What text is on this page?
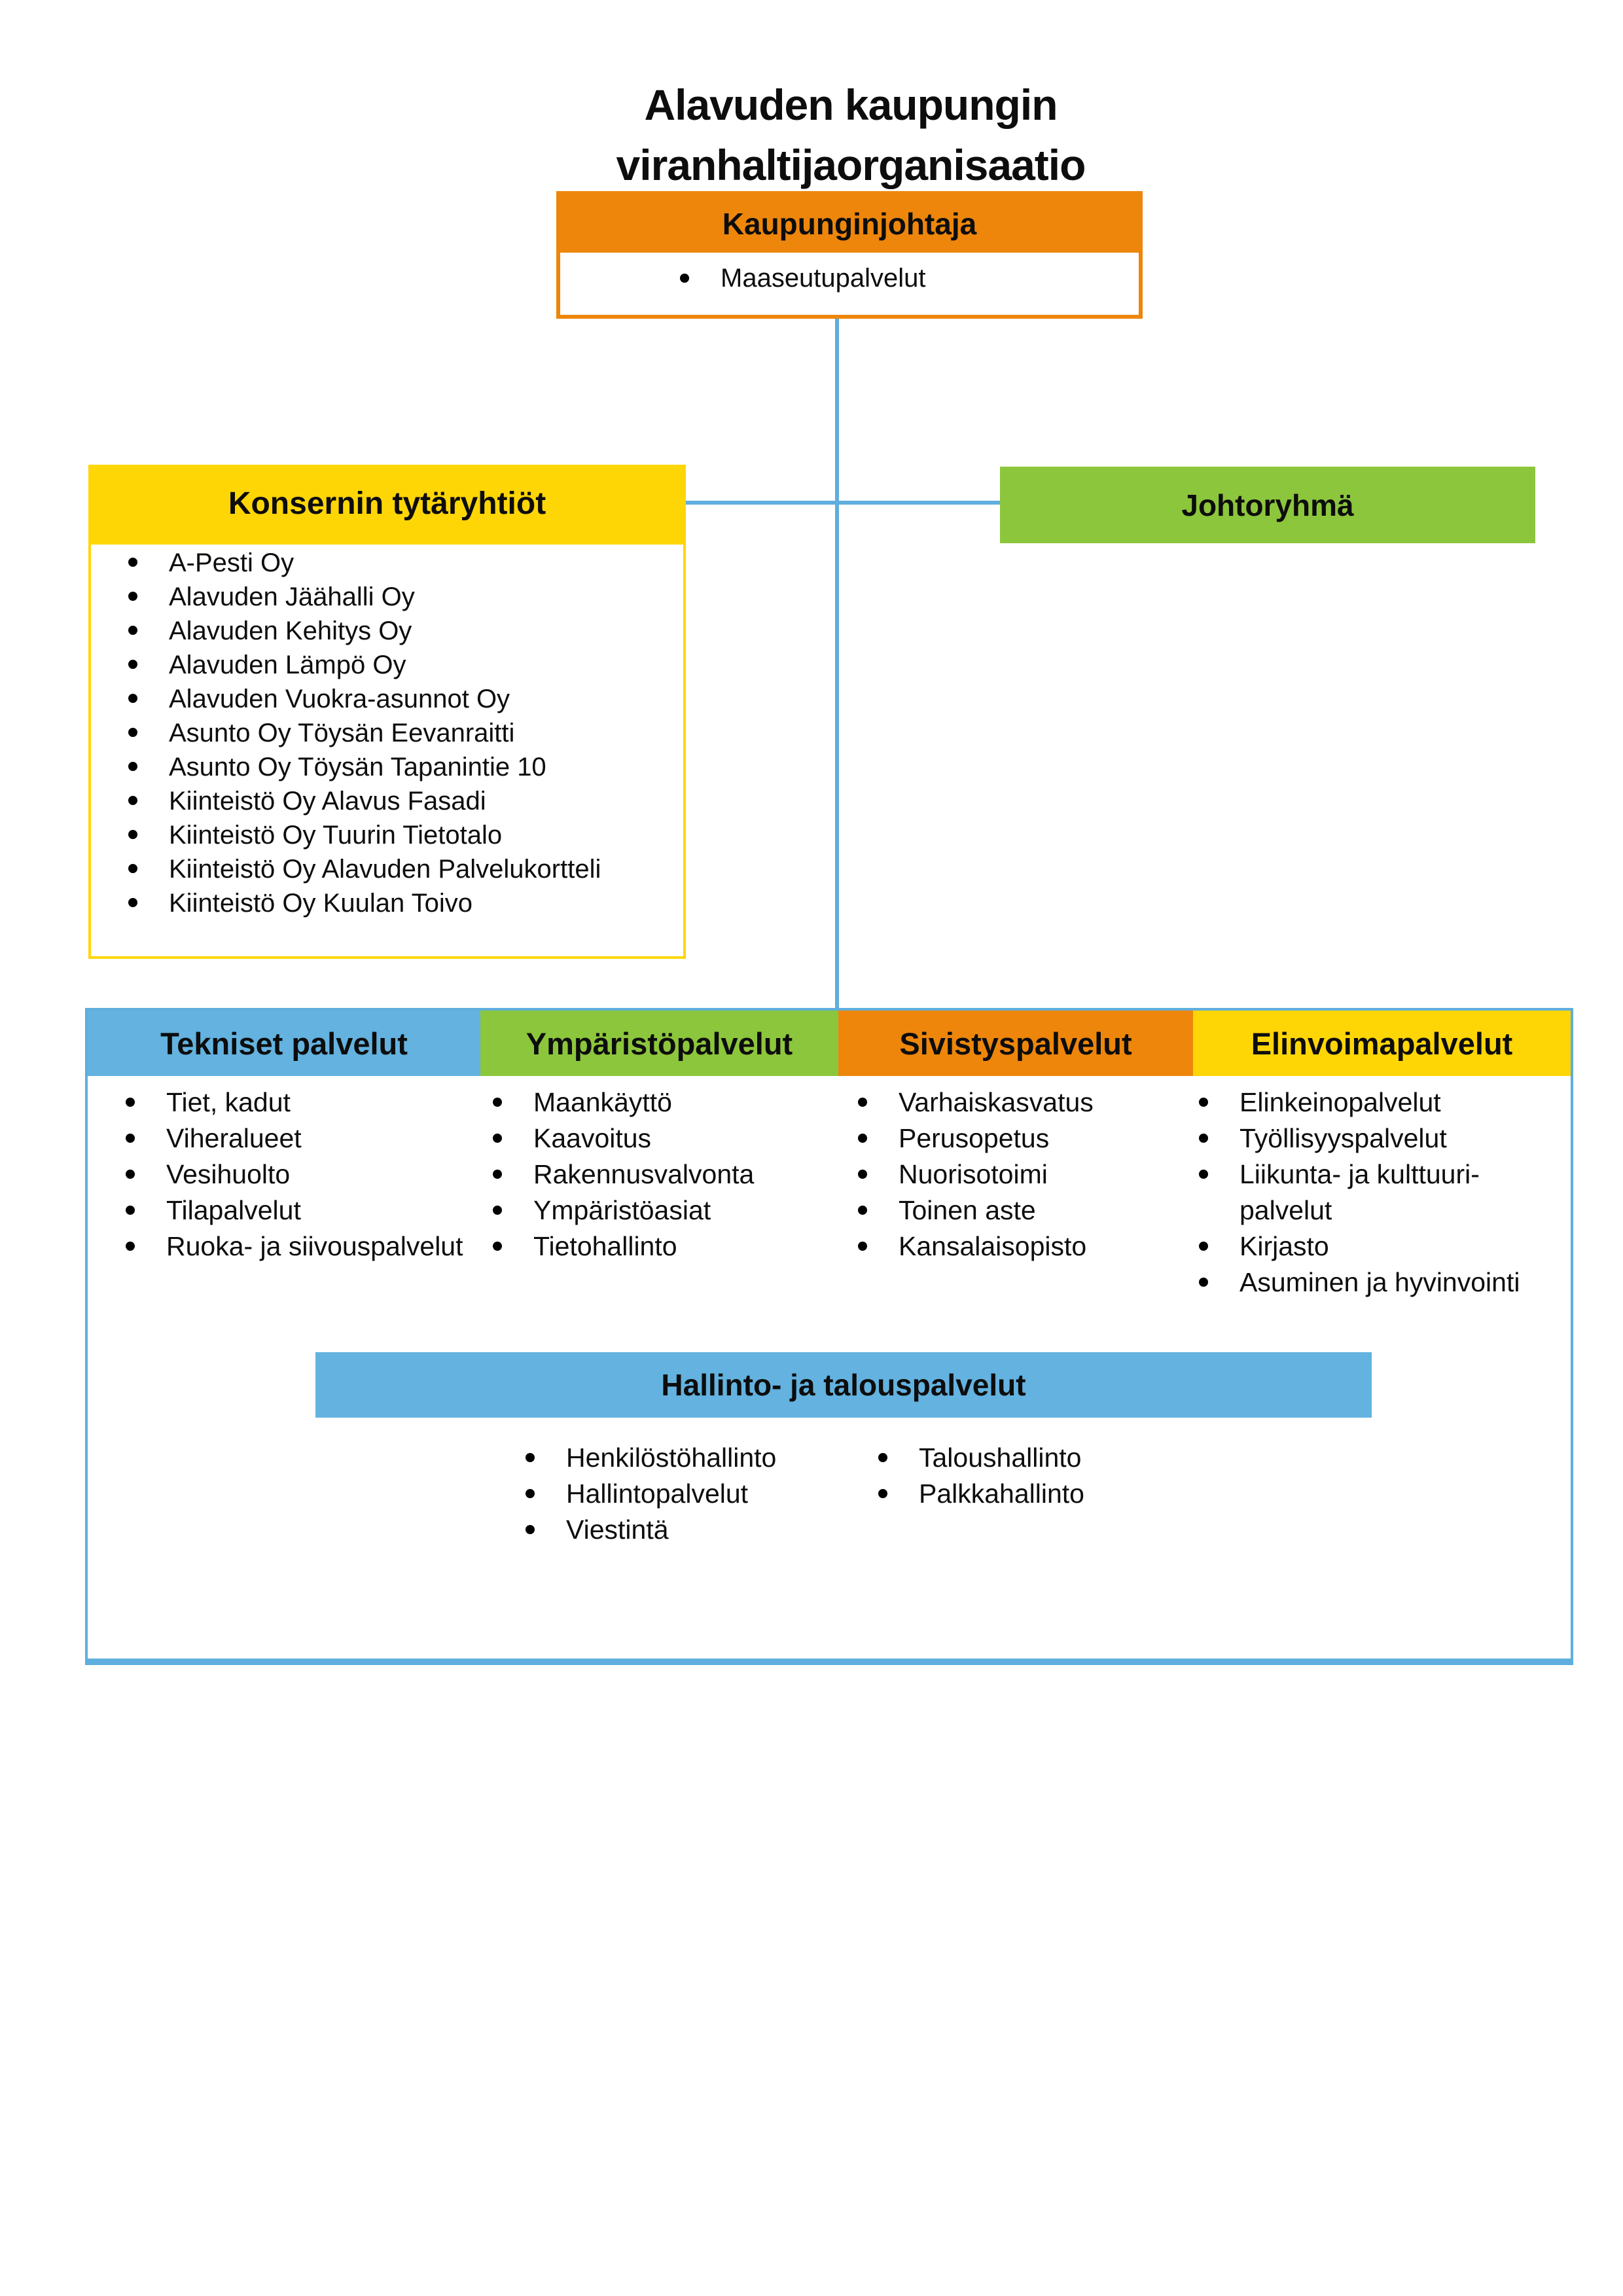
Alavuden kaupungin
viranhaltijaorganisaatio
Kaupunginjohtaja
Maaseutupalvelut
Konsernin tytäryhtiöt
A-Pesti Oy
Alavuden Jäähalli Oy
Alavuden Kehitys Oy
Alavuden Lämpö Oy
Alavuden Vuokra-asunnot Oy
Asunto Oy Töysän Eevanraitti
Asunto Oy Töysän Tapanintie 10
Kiinteistö Oy Alavus Fasadi
Kiinteistö Oy Tuurin Tietotalo
Kiinteistö Oy Alavuden Palvelukortteli
Kiinteistö Oy Kuulan Toivo
Johtoryhmä
Tekniset palvelut	Ympäristöpalvelut	Sivistyspalvelut	Elinvoimapalvelut
Hallinto- ja talouspalvelut
Henkilöstöhallinto
Hallintopalvelut
Viestintä
Taloushallinto
Palkkahallinto
Tiet, kadut
Viheralueet
Vesihuolto
Tilapalvelut
Ruoka- ja siivouspalvelut
Maankäyttö
Kaavoitus
Rakennusvalvonta
Ympäristöasiat
Tietohallinto
Varhaiskasvatus
Perusopetus
Nuorisotoimi
Toinen aste
Kansalaisopisto
Elinkeinopalvelut
Työllisyyspalvelut
Liikunta- ja kulttuuri-palvelut
Kirjasto
Asuminen ja hyvinvointi
